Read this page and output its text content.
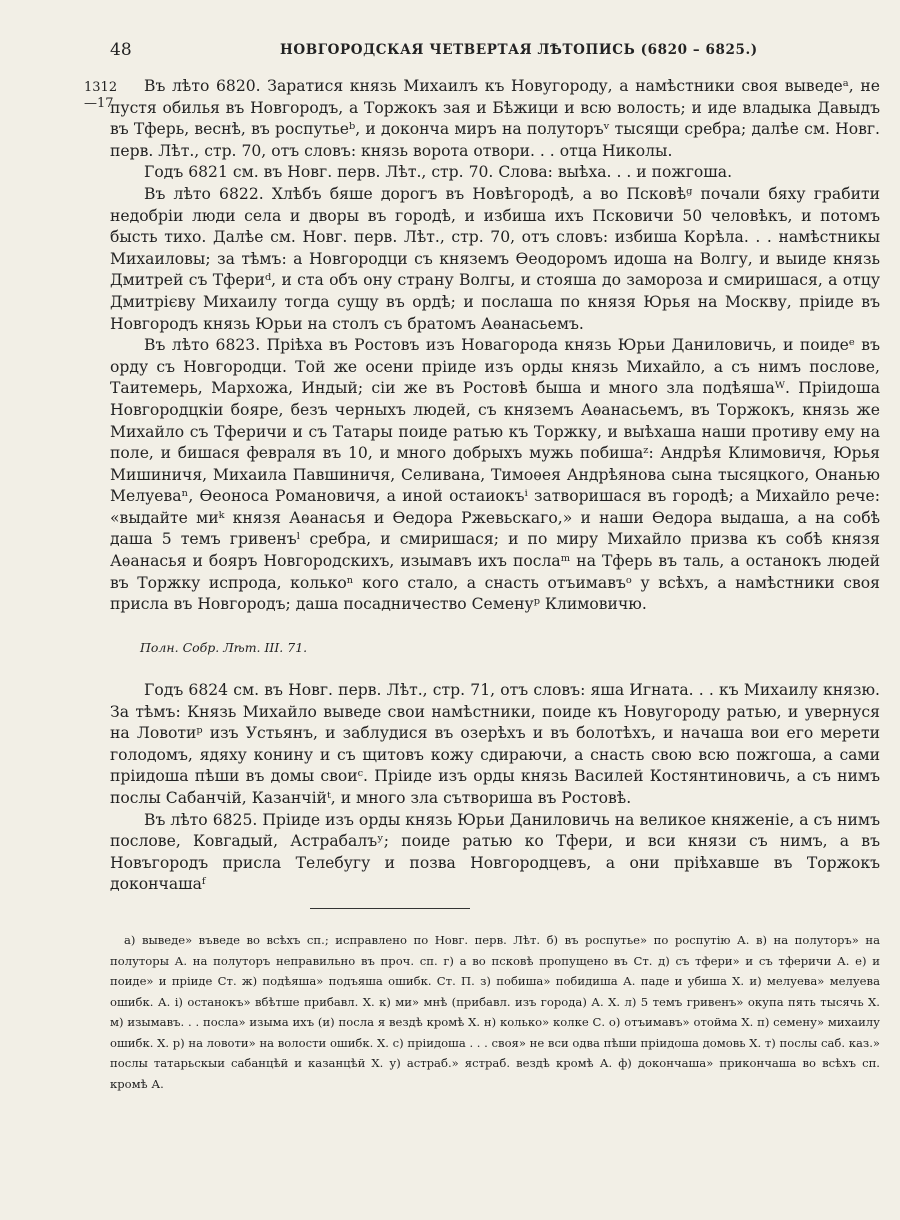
48	НОВГОРОДСКАЯ ЧЕТВЕРТАЯ ЛѢТОПИСЬ (6820 – 6825.)
1312
—17

Въ лѣто 6820. Заратися князь Михаилъ къ Новугороду, а намѣстники своя выведеᵃ, не пустя обилья въ Новгородъ, а Торжокъ зая и Бѣжици и всю волость; и иде владыка Давыдъ въ Тферь, веснѣ, въ роспутьеᵇ, и доконча миръ на полуторъᵛ тысящи сребра; далѣе см. Новг. перв. Лѣт., стр. 70, отъ словъ: князь ворота отвори. . . отца Николы.

Годъ 6821 см. въ Новг. перв. Лѣт., стр. 70. Слова: выѣха. . . и пожгоша.

Въ лѣто 6822. Хлѣбъ бяше дорогъ въ Новѣгородѣ, а во Псковѣᵍ почали бяху грабити недобріи люди села и дворы въ городѣ, и избиша ихъ Псковичи 50 человѣкъ, и потомъ бысть тихо. Далѣе см. Новг. перв. Лѣт., стр. 70, отъ словъ: избиша Корѣла. . . намѣстникы Михаиловы; за тѣмъ: а Новгородци съ княземъ Ѳеодоромъ идоша на Волгу, и выиде князь Дмитрей съ Тфериᵈ, и ста объ ону страну Волгы, и стояша до замороза и смиришася, а отцу Дмитрієву Михаилу тогда сущу въ ордѣ; и послаша по князя Юрья на Москву, пріиде въ Новгородъ князь Юрьи на столъ съ братомъ Аѳанасьемъ.

Въ лѣто 6823. Пріѣха въ Ростовъ изъ Новагорода князь Юрьи Даниловичь, и поидеᵉ въ орду съ Новгородци. Той же осени пріиде изъ орды князь Михайло, а съ нимъ послове, Таитемерь, Мархожа, Индый; сіи же въ Ростовѣ быша и много зла подѣяшаᵂ. Пріидоша Новгородцкіи бояре, безъ черныхъ людей, съ княземъ Аѳанасьемъ, въ Торжокъ, князь же Михайло съ Тферичи и съ Татары поиде ратью къ Торжку, и выѣхаша наши противу ему на поле, и бишася февраля въ 10, и много добрыхъ мужь побишаᶻ: Андрѣя Климовичя, Юрья Мишиничя, Михаила Павшиничя, Селивана, Тимоѳея Андрѣянова сына тысяцкого, Онанью Мелуеваⁿ, Ѳеоноса Романовичя, а иной остаиокъⁱ затворишася въ городѣ; а Михайло рече: «выдайте миᵏ князя Аѳанасья и Ѳедора Ржевьскаго,» и наши Ѳедора выдаша, а на собѣ даша 5 темъ гривенъˡ сребра, и смиришася; и по миру Михайло призва къ собѣ князя Аѳанасья и бояръ Новгородскихъ, изымавъ ихъ послаᵐ на Тферь въ таль, а останокъ людей въ Торжку испрода, колькоⁿ кого стало, а снасть отъимавъᵒ у всѣхъ, а намѣстники своя присла въ Новгородъ; даша посадничество Семенуᵖ Климовичю.

Полн. Собр. Лѣт. III. 71.

Годъ 6824 см. въ Новг. перв. Лѣт., стр. 71, отъ словъ: яша Игната. . . къ Михаилу князю. За тѣмъ: Князь Михайло выведе свои намѣстники, поиде къ Новугороду ратью, и увернуся на Ловотиᵖ изъ Устьянъ, и заблудися въ озерѣхъ и въ болотѣхъ, и начаша вои его мерети голодомъ, ядяху конину и съ щитовъ кожу сдираючи, а снасть свою всю пожгоша, а сами пріидоша пѣши въ домы своиᶜ. Пріиде изъ орды князь Василей Костянтиновичь, а съ нимъ послы Сабанчій, Казанчійᵗ, и много зла сътвориша въ Ростовѣ.

Въ лѣто 6825. Пріиде изъ орды князь Юрьи Даниловичь на великое княженіе, а съ нимъ послове, Ковгадый, Астрабалъʸ; поиде ратью ко Тфери, и вси князи съ нимъ, а въ Новъгородъ присла Телебугу и позва Новгородцевъ, а они пріѣхавше въ Торжокъ докончашаᶠ

а) выведе» въведе во всѣхъ сп.; исправлено по Новг. перв. Лѣт. б) въ роспутье» по роспутію А. в) на полуторъ» на полуторы А. на полуторъ неправильно въ проч. сп. г) а во псковѣ пропущено въ Ст. д) съ тфери» и съ тферичи А. е) и поиде» и пріиде Ст. ж) подѣяша» подъяша ошибк. Ст. П. з) побиша» побидиша А. паде и убиша Х. и) мелуева» мелуева ошибк. А. і) останокъ» вбѣтше прибавл. Х. к) ми» мнѣ (прибавл. изъ города) А. Х. л) 5 темъ гривенъ» окупа пять тысячь Х. м) изымавъ. . . посла» изыма ихъ (и) посла я вездѣ кромѣ Х. н) колько» колке С. о) отъимавъ» отойма Х. п) семену» михаилу ошибк. Х. р) на ловоти» на волости ошибк. Х. с) пріидоша . . . своя» не вси одва пѣши пріидоша домовь Х. т) послы саб. каз.» послы татарьскыи сабанцѣй и казанцѣй Х. у) астраб.» ястраб. вездѣ кромѣ А. ф) докончаша» прикончаша во всѣхъ сп. кромѣ А.
